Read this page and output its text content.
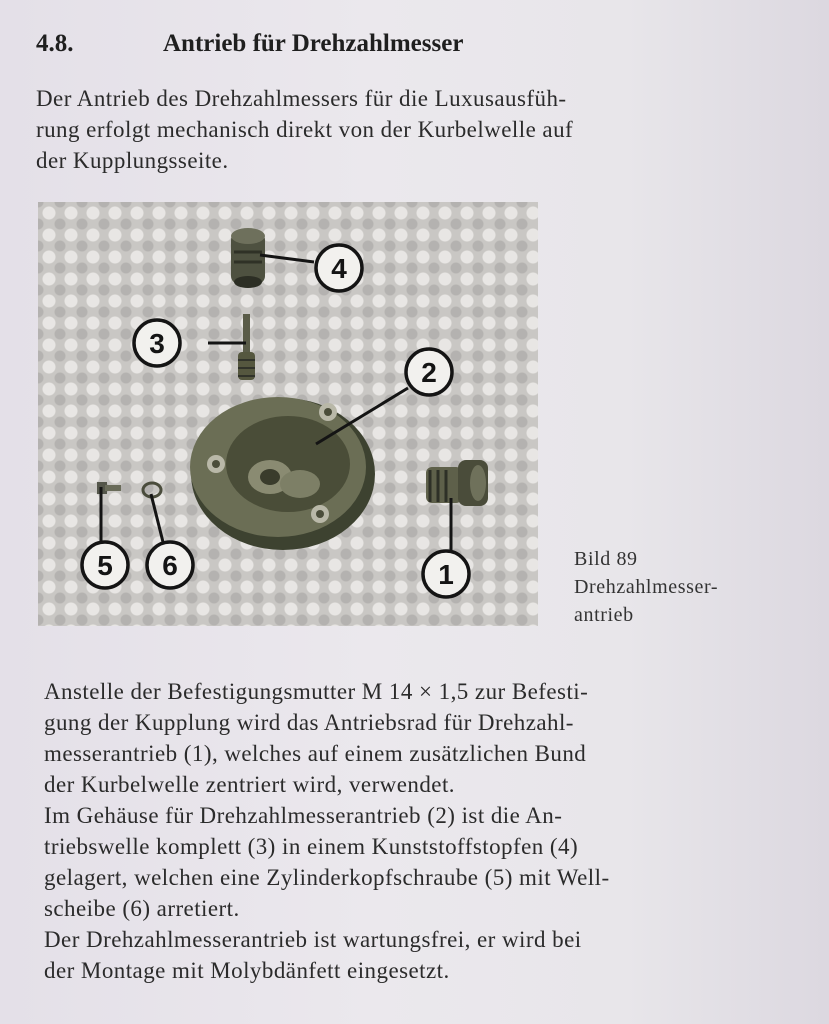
4.8.	Antrieb für Drehzahlmesser
Der Antrieb des Drehzahlmessers für die Luxusausfüh-
rung erfolgt mechanisch direkt von der Kurbelwelle auf
der Kupplungsseite.
1
2
3
4
5 6	Bild 89
Drehzahlmesser-
antrieb
Anstelle der Befestigungsmutter M 14 × 1,5 zur Befesti-
gung der Kupplung wird das Antriebsrad für Drehzahl-
messerantrieb (1), welches auf einem zusätzlichen Bund
der Kurbelwelle zentriert wird, verwendet.
Im Gehäuse für Drehzahlmesserantrieb (2) ist die An-
triebswelle komplett (3) in einem Kunststoffstopfen (4)
gelagert, welchen eine Zylinderkopfschraube (5) mit Well-
scheibe (6) arretiert.
Der Drehzahlmesserantrieb ist wartungsfrei, er wird bei
der Montage mit Molybdänfett eingesetzt.
